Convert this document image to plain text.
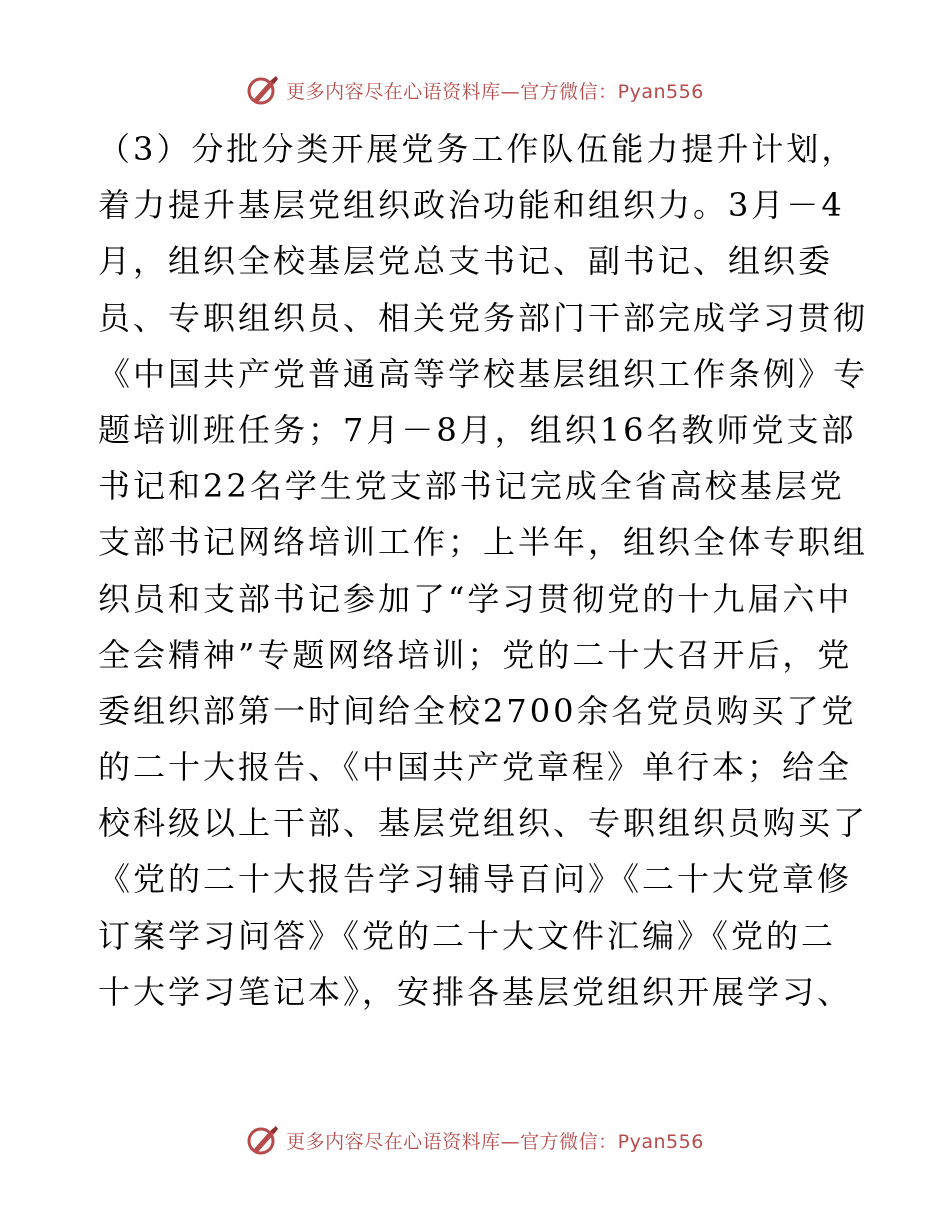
更多内容尽在心语资料库—官方微信：Pyan556
（3）分批分类开展党务工作队伍能力提升计划，
着力提升基层党组织政治功能和组织力。3月－4
月，组织全校基层党总支书记、副书记、组织委
员、专职组织员、相关党务部门干部完成学习贯彻
《中国共产党普通高等学校基层组织工作条例》专
题培训班任务；7月－8月，组织16名教师党支部
书记和22名学生党支部书记完成全省高校基层党
支部书记网络培训工作；上半年，组织全体专职组
织员和支部书记参加了“学习贯彻党的十九届六中
全会精神”专题网络培训；党的二十大召开后，党
委组织部第一时间给全校2700余名党员购买了党
的二十大报告、《中国共产党章程》单行本；给全
校科级以上干部、基层党组织、专职组织员购买了
《党的二十大报告学习辅导百问》《二十大党章修
订案学习问答》《党的二十大文件汇编》《党的二
十大学习笔记本》，安排各基层党组织开展学习、
更多内容尽在心语资料库—官方微信：Pyan556
